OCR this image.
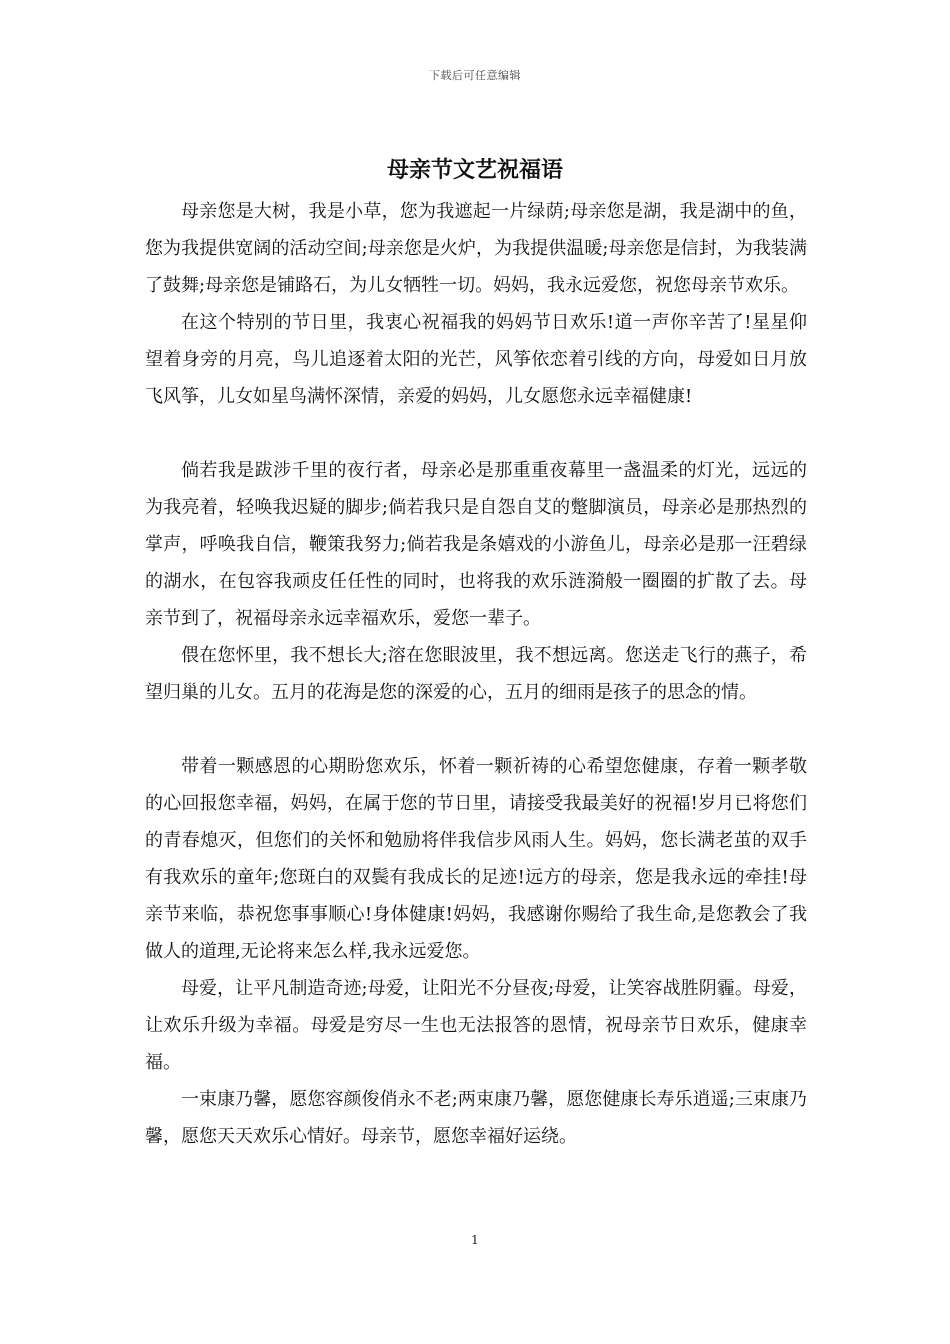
下载后可任意编辑
母亲节文艺祝福语

母亲您是大树，我是小草，您为我遮起一片绿荫;母亲您是湖，我是湖中的鱼，您为我提供宽阔的活动空间;母亲您是火炉，为我提供温暖;母亲您是信封，为我装满了鼓舞;母亲您是铺路石，为儿女牺牲一切。妈妈，我永远爱您，祝您母亲节欢乐。

在这个特别的节日里，我衷心祝福我的妈妈节日欢乐!道一声你辛苦了!星星仰望着身旁的月亮，鸟儿追逐着太阳的光芒，风筝依恋着引线的方向，母爱如日月放飞风筝，儿女如星鸟满怀深情，亲爱的妈妈，儿女愿您永远幸福健康!

倘若我是跋涉千里的夜行者，母亲必是那重重夜幕里一盏温柔的灯光，远远的为我亮着，轻唤我迟疑的脚步;倘若我只是自怨自艾的蹩脚演员，母亲必是那热烈的掌声，呼唤我自信，鞭策我努力;倘若我是条嬉戏的小游鱼儿，母亲必是那一汪碧绿的湖水，在包容我顽皮任任性的同时，也将我的欢乐涟漪般一圈圈的扩散了去。母亲节到了，祝福母亲永远幸福欢乐，爱您一辈子。

偎在您怀里，我不想长大;溶在您眼波里，我不想远离。您送走飞行的燕子，希望归巢的儿女。五月的花海是您的深爱的心，五月的细雨是孩子的思念的情。

带着一颗感恩的心期盼您欢乐，怀着一颗祈祷的心希望您健康，存着一颗孝敬的心回报您幸福，妈妈，在属于您的节日里，请接受我最美好的祝福!岁月已将您们的青春熄灭，但您们的关怀和勉励将伴我信步风雨人生。妈妈，您长满老茧的双手有我欢乐的童年;您斑白的双鬓有我成长的足迹!远方的母亲，您是我永远的牵挂!母亲节来临，恭祝您事事顺心!身体健康!妈妈，我感谢你赐给了我生命,是您教会了我做人的道理,无论将来怎么样,我永远爱您。

母爱，让平凡制造奇迹;母爱，让阳光不分昼夜;母爱，让笑容战胜阴霾。母爱，让欢乐升级为幸福。母爱是穷尽一生也无法报答的恩情，祝母亲节日欢乐，健康幸福。

一束康乃馨，愿您容颜俊俏永不老;两束康乃馨，愿您健康长寿乐逍遥;三束康乃馨，愿您天天欢乐心情好。母亲节，愿您幸福好运绕。

1
